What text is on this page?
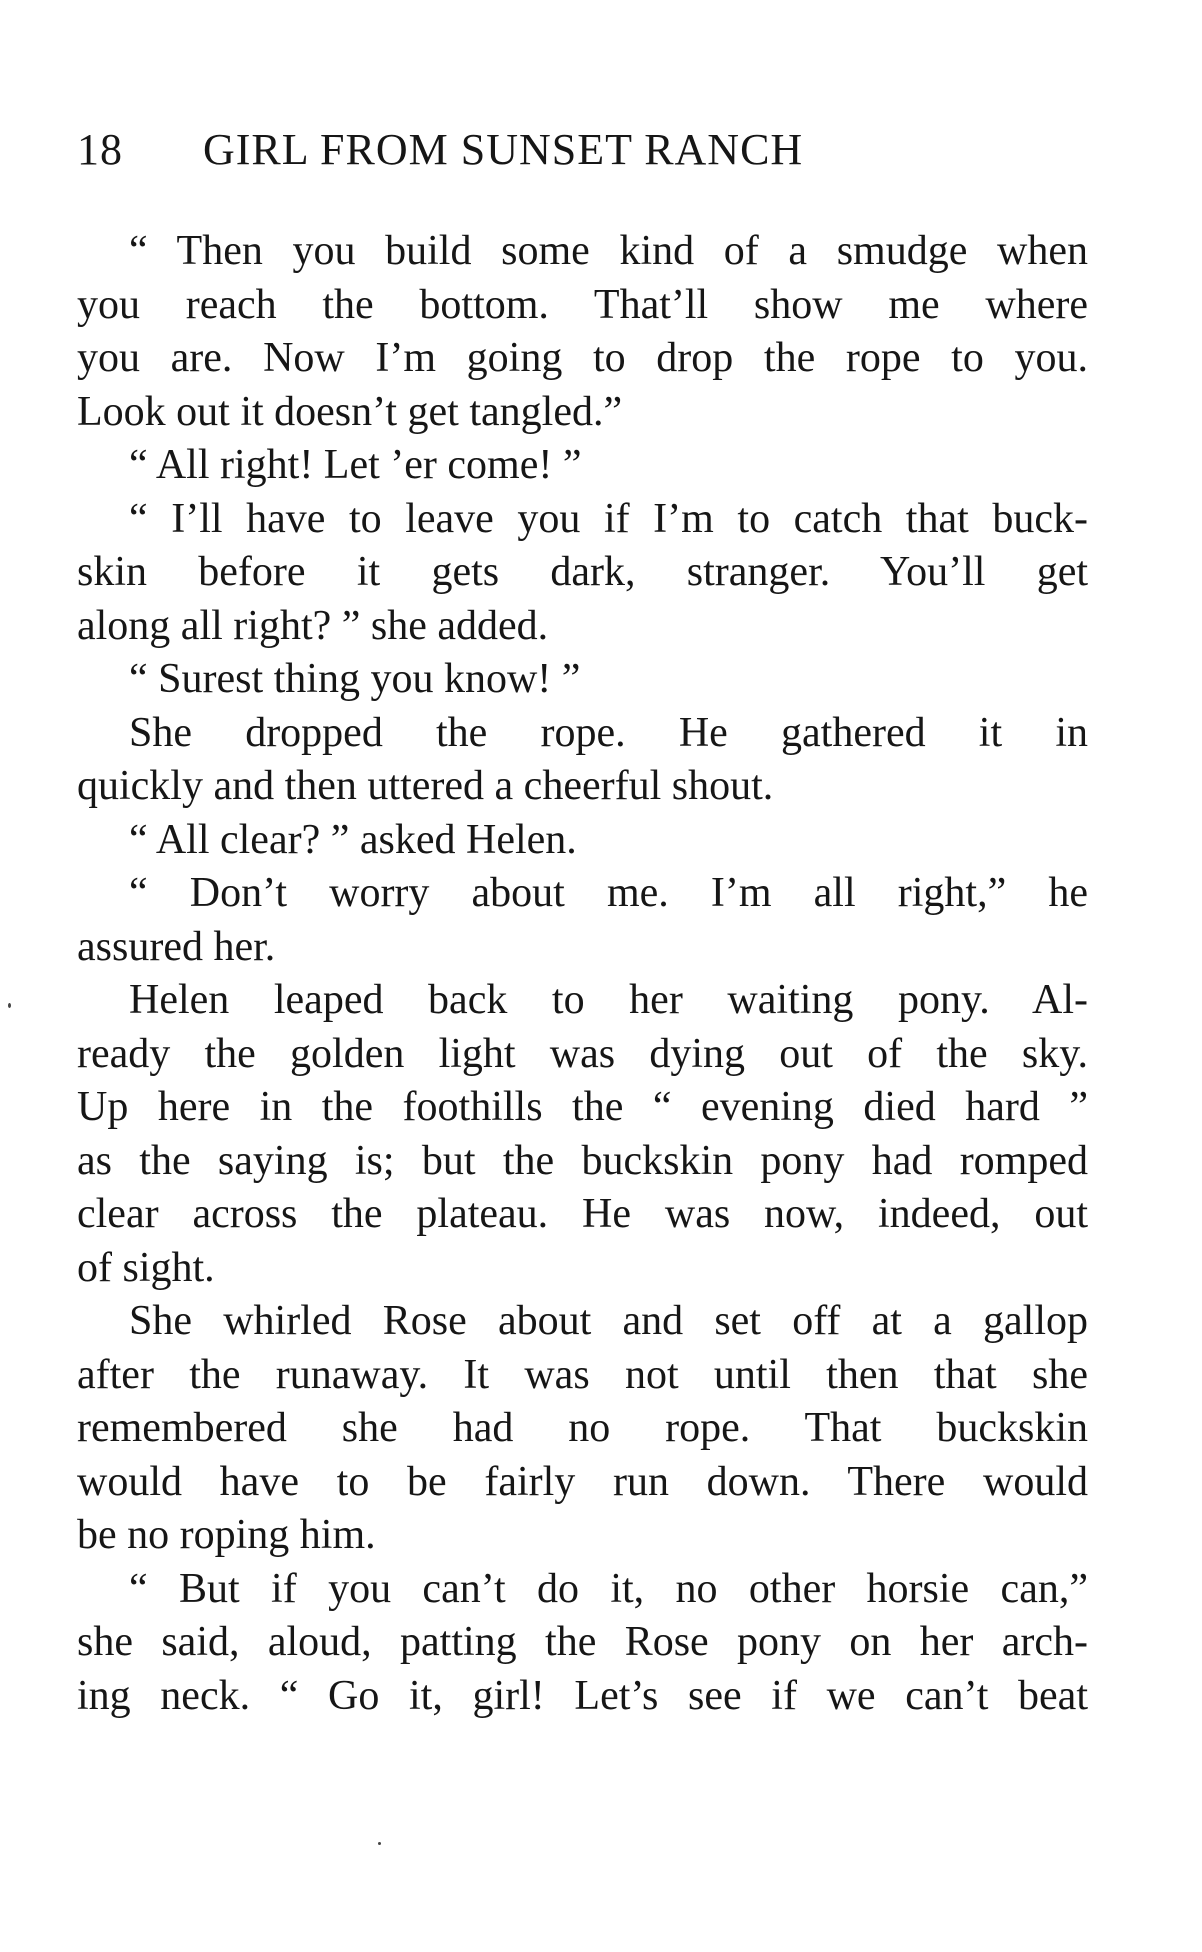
18 GIRL FROM SUNSET RANCH
“ Then you build some kind of a smudge when
you reach the bottom. That’ll show me where
you are. Now I’m going to drop the rope to you.
Look out it doesn’t get tangled.”
“ All right! Let ’er come! ”
“ I’ll have to leave you if I’m to catch that buck-
skin before it gets dark, stranger. You’ll get
along all right? ” she added.
“ Surest thing you know! ”
She dropped the rope. He gathered it in
quickly and then uttered a cheerful shout.
“ All clear? ” asked Helen.
“ Don’t worry about me. I’m all right,” he
assured her.
Helen leaped back to her waiting pony. Al-
ready the golden light was dying out of the sky.
Up here in the foothills the “ evening died hard ”
as the saying is; but the buckskin pony had romped
clear across the plateau. He was now, indeed, out
of sight.
She whirled Rose about and set off at a gallop
after the runaway. It was not until then that she
remembered she had no rope. That buckskin
would have to be fairly run down. There would
be no roping him.
“ But if you can’t do it, no other horsie can,”
she said, aloud, patting the Rose pony on her arch-
ing neck. “ Go it, girl! Let’s see if we can’t beat
